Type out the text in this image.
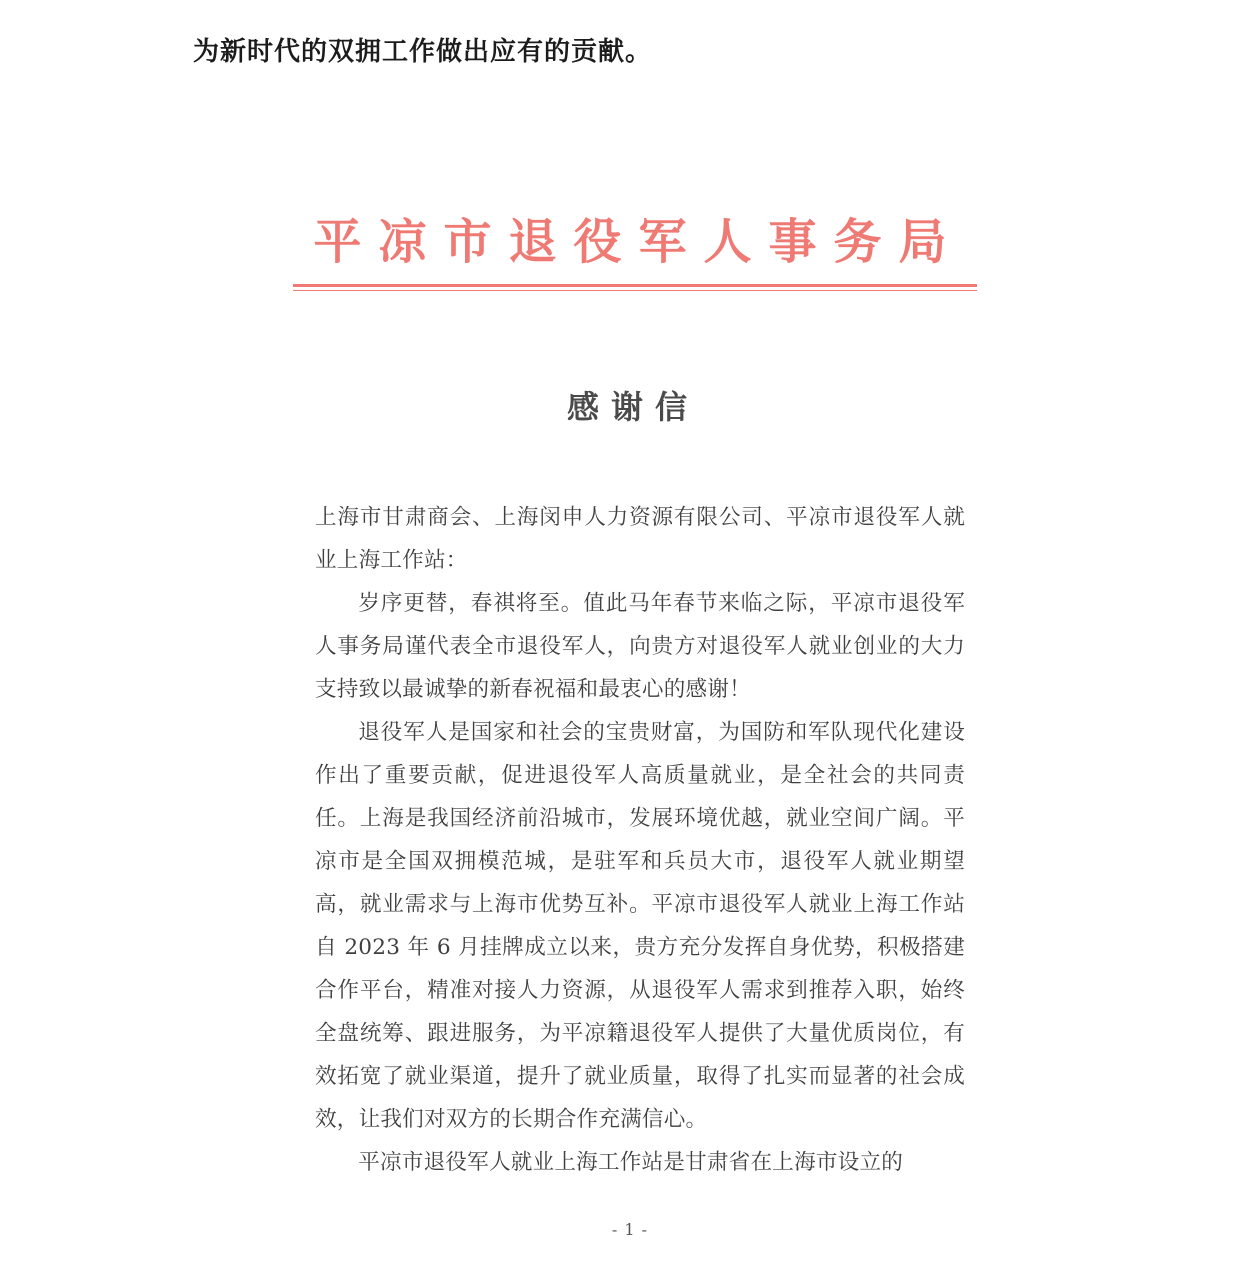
为新时代的双拥工作做出应有的贡献。
平凉市退役军人事务局
感谢信

上海市甘肃商会、上海闵申人力资源有限公司、平凉市退役军人就业上海工作站：

岁序更替，春祺将至。值此马年春节来临之际，平凉市退役军人事务局谨代表全市退役军人，向贵方对退役军人就业创业的大力支持致以最诚挚的新春祝福和最衷心的感谢！

退役军人是国家和社会的宝贵财富，为国防和军队现代化建设作出了重要贡献，促进退役军人高质量就业，是全社会的共同责任。上海是我国经济前沿城市，发展环境优越，就业空间广阔。平凉市是全国双拥模范城，是驻军和兵员大市，退役军人就业期望高，就业需求与上海市优势互补。平凉市退役军人就业上海工作站自 2023 年 6 月挂牌成立以来，贵方充分发挥自身优势，积极搭建合作平台，精准对接人力资源，从退役军人需求到推荐入职，始终全盘统筹、跟进服务，为平凉籍退役军人提供了大量优质岗位，有效拓宽了就业渠道，提升了就业质量，取得了扎实而显著的社会成效，让我们对双方的长期合作充满信心。

平凉市退役军人就业上海工作站是甘肃省在上海市设立的

- 1 -
